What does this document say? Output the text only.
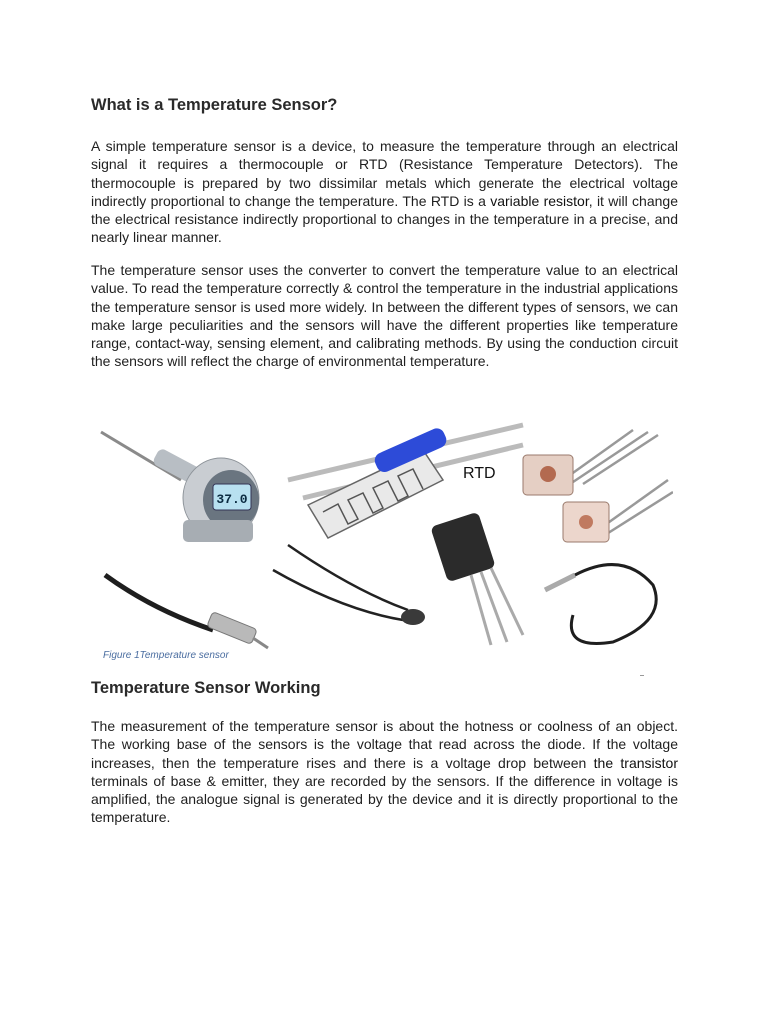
What is a Temperature Sensor?

A simple temperature sensor is a device, to measure the temperature through an electrical signal it requires a thermocouple or RTD (Resistance Temperature Detectors). The thermocouple is prepared by two dissimilar metals which generate the electrical voltage indirectly proportional to change the temperature. The RTD is a variable resistor, it will change the electrical resistance indirectly proportional to changes in the temperature in a precise, and nearly linear manner.

The temperature sensor uses the converter to convert the temperature value to an electrical value. To read the temperature correctly & control the temperature in the industrial applications the temperature sensor is used more widely. In between the different types of sensors, we can make large peculiarities and the sensors will have the different properties like temperature range, contact-way, sensing element, and calibrating methods. By using the conduction circuit the sensors will reflect the charge of environmental temperature.

Temperature Sensor Working

The measurement of the temperature sensor is about the hotness or coolness of an object. The working base of the sensors is the voltage that read across the diode. If the voltage increases, then the temperature rises and there is a voltage drop between the transistor terminals of base & emitter, they are recorded by the sensors. If the difference in voltage is amplified, the analogue signal is generated by the device and it is directly proportional to the temperature.

37.0
RTD
Figure 1Temperature sensor
